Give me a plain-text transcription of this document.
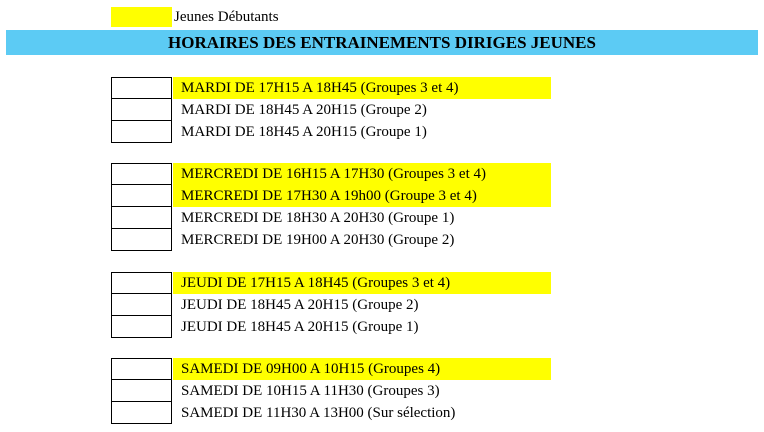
Jeunes Débutants
HORAIRES DES ENTRAINEMENTS DIRIGES JEUNES
MARDI DE 17H15 A 18H45 (Groupes 3 et 4)
MARDI DE 18H45 A 20H15 (Groupe 2)
MARDI DE 18H45 A 20H15 (Groupe 1)
MERCREDI DE 16H15 A 17H30 (Groupes 3 et 4)
MERCREDI DE 17H30 A 19h00 (Groupe 3 et 4)
MERCREDI DE 18H30 A 20H30 (Groupe 1)
MERCREDI DE 19H00 A 20H30 (Groupe 2)
JEUDI DE 17H15 A 18H45 (Groupes 3 et 4)
JEUDI DE 18H45 A 20H15 (Groupe 2)
JEUDI DE 18H45 A 20H15 (Groupe 1)
SAMEDI DE 09H00 A 10H15 (Groupes 4)
SAMEDI DE 10H15 A 11H30 (Groupes 3)
SAMEDI DE 11H30 A 13H00 (Sur sélection)
